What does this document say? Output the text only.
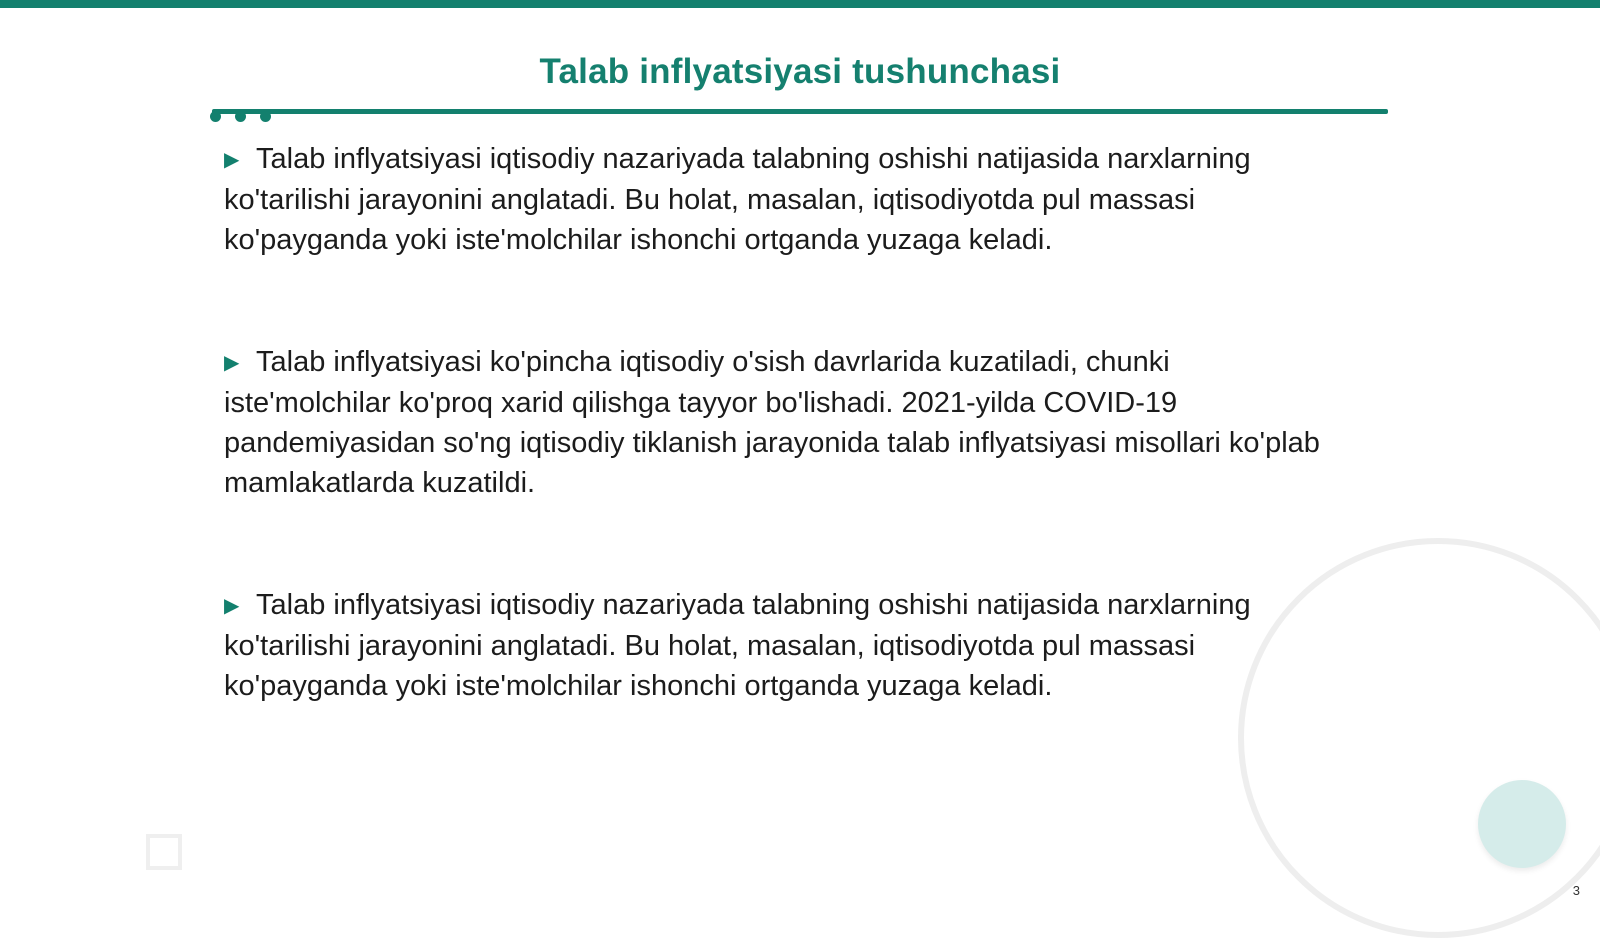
Talab inflyatsiyasi tushunchasi

▶ Talab inflyatsiyasi iqtisodiy nazariyada talabning oshishi natijasida narxlarning ko'tarilishi jarayonini anglatadi. Bu holat, masalan, iqtisodiyotda pul massasi ko'payganda yoki iste'molchilar ishonchi ortganda yuzaga keladi.

▶ Talab inflyatsiyasi ko'pincha iqtisodiy o'sish davrlarida kuzatiladi, chunki iste'molchilar ko'proq xarid qilishga tayyor bo'lishadi. 2021-yilda COVID-19 pandemiyasidan so'ng iqtisodiy tiklanish jarayonida talab inflyatsiyasi misollari ko'plab mamlakatlarda kuzatildi.

▶ Talab inflyatsiyasi iqtisodiy nazariyada talabning oshishi natijasida narxlarning ko'tarilishi jarayonini anglatadi. Bu holat, masalan, iqtisodiyotda pul massasi ko'payganda yoki iste'molchilar ishonchi ortganda yuzaga keladi.

3
